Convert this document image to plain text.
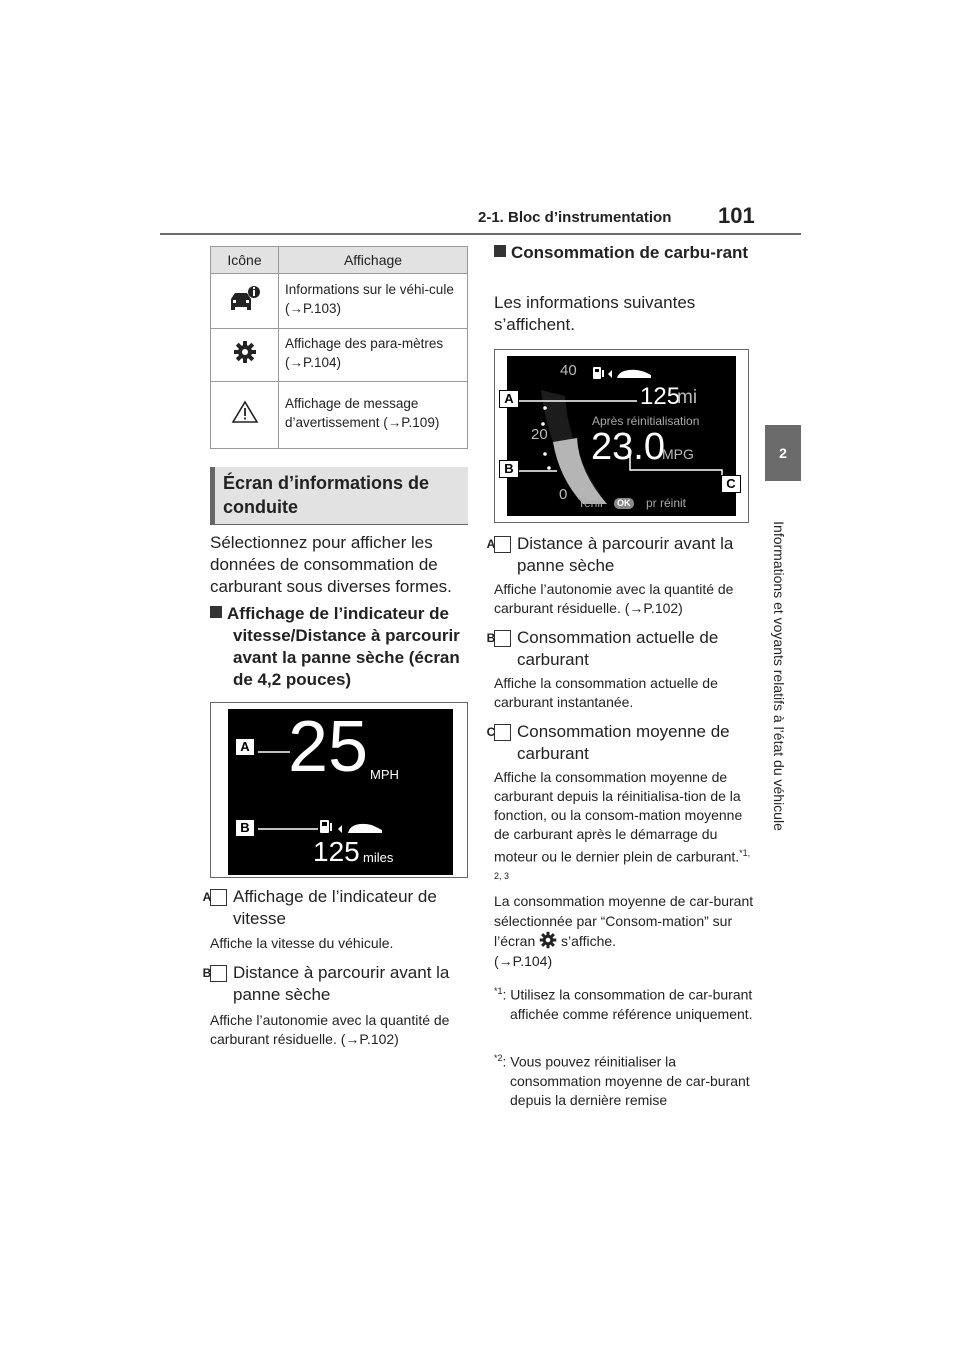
2-1. Bloc d’instrumentation 101
2
Informations et voyants relatifs à l’état du véhicule
Icône	Affichage
	Informations sur le véhi-cule (→P.103)
	Affichage des para-mètres (→P.104)
	Affichage de message d’avertissement (→P.109)
Écran d’informations de conduite
Sélectionnez pour afficher les données de consommation de carburant sous diverses formes.
Affichage de l’indicateur de vitesse/Distance à parcourir avant la panne sèche (écran de 4,2 pouces)
25 MPH
125 miles
A
B
A Affichage de l’indicateur de vitesse
Affiche la vitesse du véhicule.
B Distance à parcourir avant la panne sèche
Affiche l’autonomie avec la quantité de carburant résiduelle. (→P.102)
Consommation de carbu-rant
Les informations suivantes s’affichent.
40
20
0
125
mi
Après réinitialisation
23.0
MPG
Tenir OK pr réinit
A
B
C
A Distance à parcourir avant la panne sèche
Affiche l’autonomie avec la quantité de carburant résiduelle. (→P.102)
B Consommation actuelle de carburant
Affiche la consommation actuelle de carburant instantanée.
C Consommation moyenne de carburant
Affiche la consommation moyenne de carburant depuis la réinitialisa-tion de la fonction, ou la consom-mation moyenne de carburant après le démarrage du moteur ou le dernier plein de carburant.$^{*1, 2, 3}$
La consommation moyenne de car-burant sélectionnée par “Consom-mation” sur l’écran s’affiche.
(→P.104)
$^{*1}$: Utilisez la consommation de car-burant affichée comme référence uniquement.
$^{*2}$: Vous pouvez réinitialiser la consommation moyenne de car-burant depuis la dernière remise
